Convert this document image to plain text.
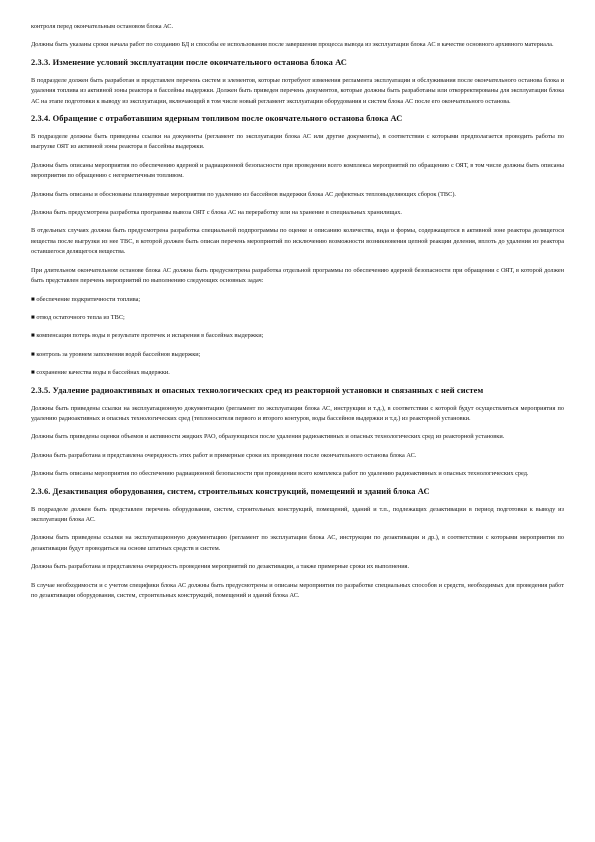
контроля перед окончательным остановом блока АС.

Должны быть указаны сроки начала работ по созданию БД и способы ее использования после завершения процесса вывода из эксплуатации блока АС в качестве основного архивного материала.

2.3.3. Изменение условий эксплуатации после окончательного останова блока АС

В подразделе должен быть разработан и представлен перечень систем и элементов, которые потребуют изменения регламента эксплуатации и обслуживания после окончательного останова блока и удаления топлива из активной зоны реактора в бассейны выдержки. Должен быть приведен перечень документов, которые должны быть разработаны или откорректированы для эксплуатации блока АС на этапе подготовки к выводу из эксплуатации, включающий в том числе новый регламент эксплуатации оборудования и систем блока АС после его окончательного останова.

2.3.4. Обращение с отработавшим ядерным топливом после окончательного останова блока АС

В подразделе должны быть приведены ссылки на документы (регламент по эксплуатации блока АС или другие документы), в соответствии с которыми предполагается проводить работы по выгрузке ОЯТ из активной зоны реактора в бассейны выдержки.

Должны быть описаны мероприятия по обеспечению ядерной и радиационной безопасности при проведении всего комплекса мероприятий по обращению с ОЯТ, в том числе должны быть описаны мероприятия по обращению с негерметичным топливом.

Должны быть описаны и обоснованы планируемые мероприятия по удалению из бассейнов выдержки блока АС дефектных тепловыделяющих сборок (ТВС).

Должна быть предусмотрена разработка программы вывоза ОЯТ с блока АС на переработку или на хранение в специальных хранилищах.

В отдельных случаях должна быть предусмотрена разработка специальной подпрограммы по оценке и описанию количества, вида и формы, содержащегося в активной зоне реактора делящегося вещества после выгрузки из нее ТВС, в которой должен быть описан перечень мероприятий по исключению возможности возникновения цепной реакции деления, вплоть до удаления из реактора оставшегося делящегося вещества.

При длительном окончательном останове блока АС должна быть предусмотрена разработка отдельной программы по обеспечению ядерной безопасности при обращении с ОЯТ, в которой должен быть представлен перечень мероприятий по выполнению следующих основных задач:

■ обеспечение подкритичности топлива;

■ отвод остаточного тепла из ТВС;

■ компенсация потерь воды в результате протечек и испарения в бассейнах выдержки;

■ контроль за уровнем заполнения водой бассейнов выдержки;

■ сохранение качества воды в бассейнах выдержки.

2.3.5. Удаление радиоактивных и опасных технологических сред из реакторной установки и связанных с ней систем

Должны быть приведены ссылки на эксплуатационную документацию (регламент по эксплуатации блока АС, инструкции и т.д.), в соответствии с которой будут осуществляться мероприятия по удалению радиоактивных и опасных технологических сред (теплоносителя первого и второго контуров, воды бассейнов выдержки и т.д.) из реакторной установки.

Должны быть приведены оценки объемов и активности жидких РАО, образующихся после удаления радиоактивных и опасных технологических сред из реакторной установки.

Должна быть разработана и представлена очередность этих работ и примерные сроки их проведения после окончательного останова блока АС.

Должны быть описаны мероприятия по обеспечению радиационной безопасности при проведении всего комплекса работ по удалению радиоактивных и опасных технологических сред.

2.3.6. Дезактивация оборудования, систем, строительных конструкций, помещений и зданий блока АС

В подразделе должен быть представлен перечень оборудования, систем, строительных конструкций, помещений, зданий и т.п., подлежащих дезактивации в период подготовки к выводу из эксплуатации блока АС.

Должны быть приведены ссылки на эксплуатационную документацию (регламент по эксплуатации блока АС, инструкции по дезактивации и др.), в соответствии с которыми мероприятия по дезактивации будут проводиться на основе штатных средств и систем.

Должна быть разработана и представлена очередность проведения мероприятий по дезактивации, а также примерные сроки их выполнения.

В случае необходимости и с учетом специфики блока АС должны быть предусмотрены и описаны мероприятия по разработке специальных способов и средств, необходимых для проведения работ по дезактивации оборудования, систем, строительных конструкций, помещений и зданий блока АС.
